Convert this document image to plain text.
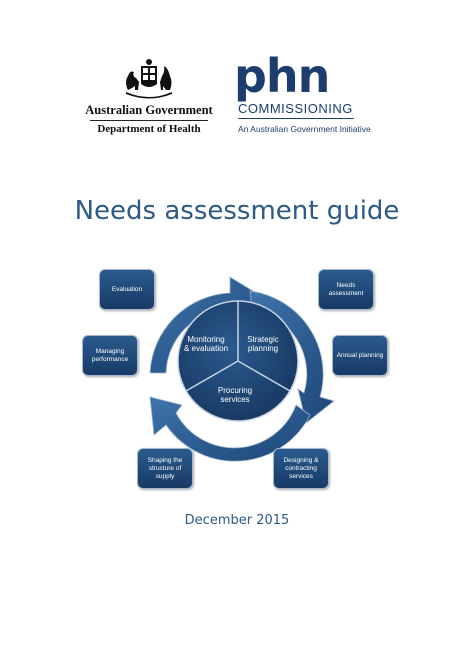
Australian Government
Department of Health
phn
COMMISSIONING
An Australian Government Initiative
Needs assessment guide
Monitoring
& evaluation
Strategic
planning
Procuring
services
Evaluation
Needs assessment
Managing
performance
Annual planning
Shaping the
structure of supply
Designing &
contracting services
December 2015
